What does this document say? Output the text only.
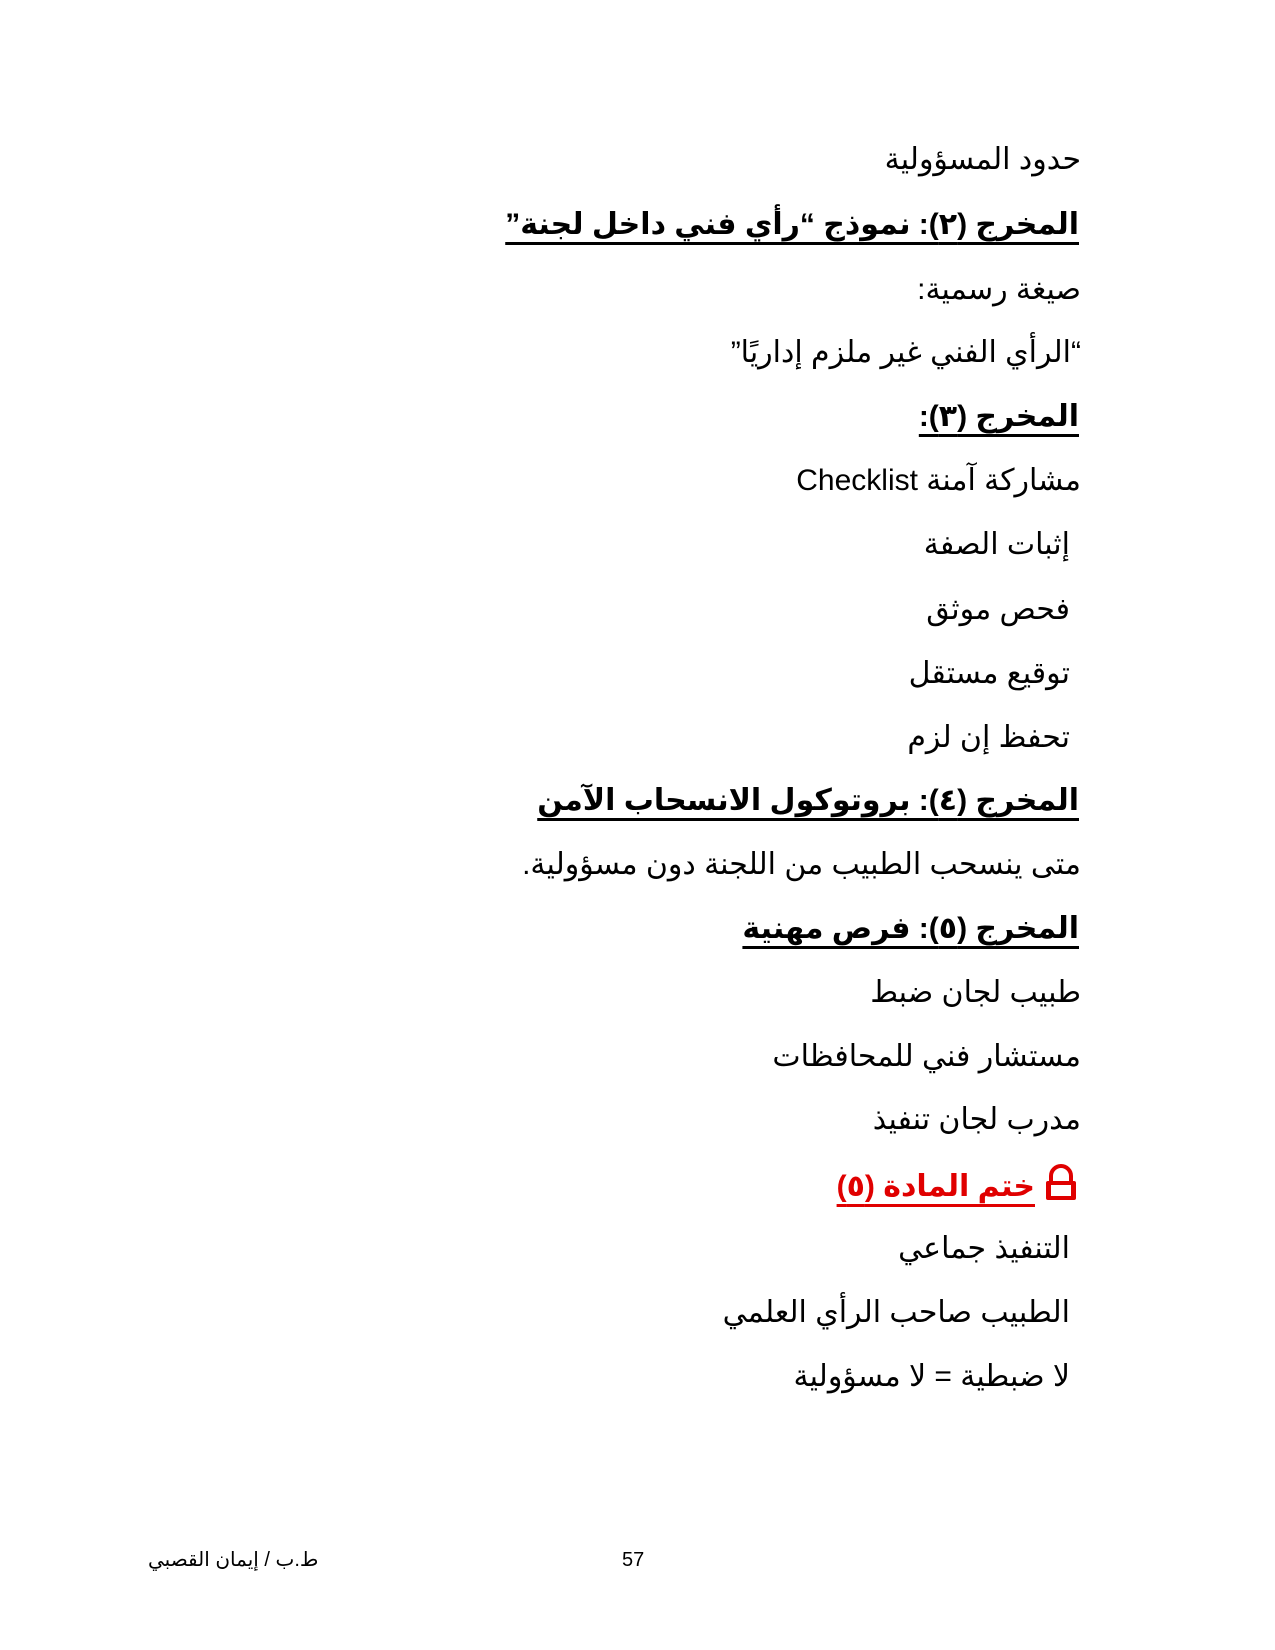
حدود المسؤولية
المخرج (٢): نموذج “رأي فني داخل لجنة”
صيغة رسمية:
“الرأي الفني غير ملزم إداريًا”
المخرج (٣):
مشاركة آمنة Checklist
إثبات الصفة
فحص موثق
توقيع مستقل
تحفظ إن لزم
المخرج (٤): بروتوكول الانسحاب الآمن
متى ينسحب الطبيب من اللجنة دون مسؤولية.
المخرج (٥): فرص مهنية
طبيب لجان ضبط
مستشار فني للمحافظات
مدرب لجان تنفيذ
ختم المادة (٥)
التنفيذ جماعي
الطبيب صاحب الرأي العلمي
لا ضبطية = لا مسؤولية
ط.ب / إيمان القصبي	57
